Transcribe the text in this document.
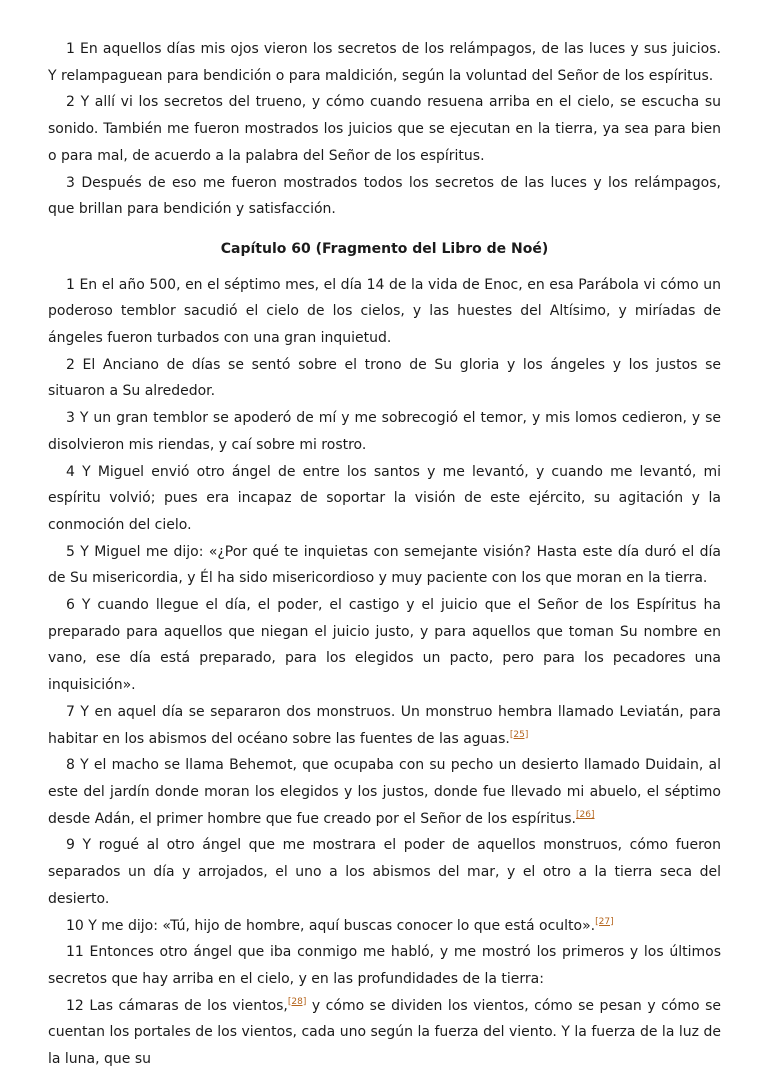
1 En aquellos días mis ojos vieron los secretos de los relámpagos, de las luces y sus juicios. Y relampaguean para bendición o para maldición, según la voluntad del Señor de los espíritus.

2 Y allí vi los secretos del trueno, y cómo cuando resuena arriba en el cielo, se escucha su sonido. También me fueron mostrados los juicios que se ejecutan en la tierra, ya sea para bien o para mal, de acuerdo a la palabra del Señor de los espíritus.

3 Después de eso me fueron mostrados todos los secretos de las luces y los relámpagos, que brillan para bendición y satisfacción.

Capítulo 60 (Fragmento del Libro de Noé)

1 En el año 500, en el séptimo mes, el día 14 de la vida de Enoc, en esa Parábola vi cómo un poderoso temblor sacudió el cielo de los cielos, y las huestes del Altísimo, y miríadas de ángeles fueron turbados con una gran inquietud.

2 El Anciano de días se sentó sobre el trono de Su gloria y los ángeles y los justos se situaron a Su alrededor.

3 Y un gran temblor se apoderó de mí y me sobrecogió el temor, y mis lomos cedieron, y se disolvieron mis riendas, y caí sobre mi rostro.

4 Y Miguel envió otro ángel de entre los santos y me levantó, y cuando me levantó, mi espíritu volvió; pues era incapaz de soportar la visión de este ejército, su agitación y la conmoción del cielo.

5 Y Miguel me dijo: «¿Por qué te inquietas con semejante visión? Hasta este día duró el día de Su misericordia, y Él ha sido misericordioso y muy paciente con los que moran en la tierra.

6 Y cuando llegue el día, el poder, el castigo y el juicio que el Señor de los Espíritus ha preparado para aquellos que niegan el juicio justo, y para aquellos que toman Su nombre en vano, ese día está preparado, para los elegidos un pacto, pero para los pecadores una inquisición».

7 Y en aquel día se separaron dos monstruos. Un monstruo hembra llamado Leviatán, para habitar en los abismos del océano sobre las fuentes de las aguas.[25]

8 Y el macho se llama Behemot, que ocupaba con su pecho un desierto llamado Duidain, al este del jardín donde moran los elegidos y los justos, donde fue llevado mi abuelo, el séptimo desde Adán, el primer hombre que fue creado por el Señor de los espíritus.[26]

9 Y rogué al otro ángel que me mostrara el poder de aquellos monstruos, cómo fueron separados un día y arrojados, el uno a los abismos del mar, y el otro a la tierra seca del desierto.

10 Y me dijo: «Tú, hijo de hombre, aquí buscas conocer lo que está oculto».[27]

11 Entonces otro ángel que iba conmigo me habló, y me mostró los primeros y los últimos secretos que hay arriba en el cielo, y en las profundidades de la tierra:

12 Las cámaras de los vientos,[28] y cómo se dividen los vientos, cómo se pesan y cómo se cuentan los portales de los vientos, cada uno según la fuerza del viento. Y la fuerza de la luz de la luna, que su
